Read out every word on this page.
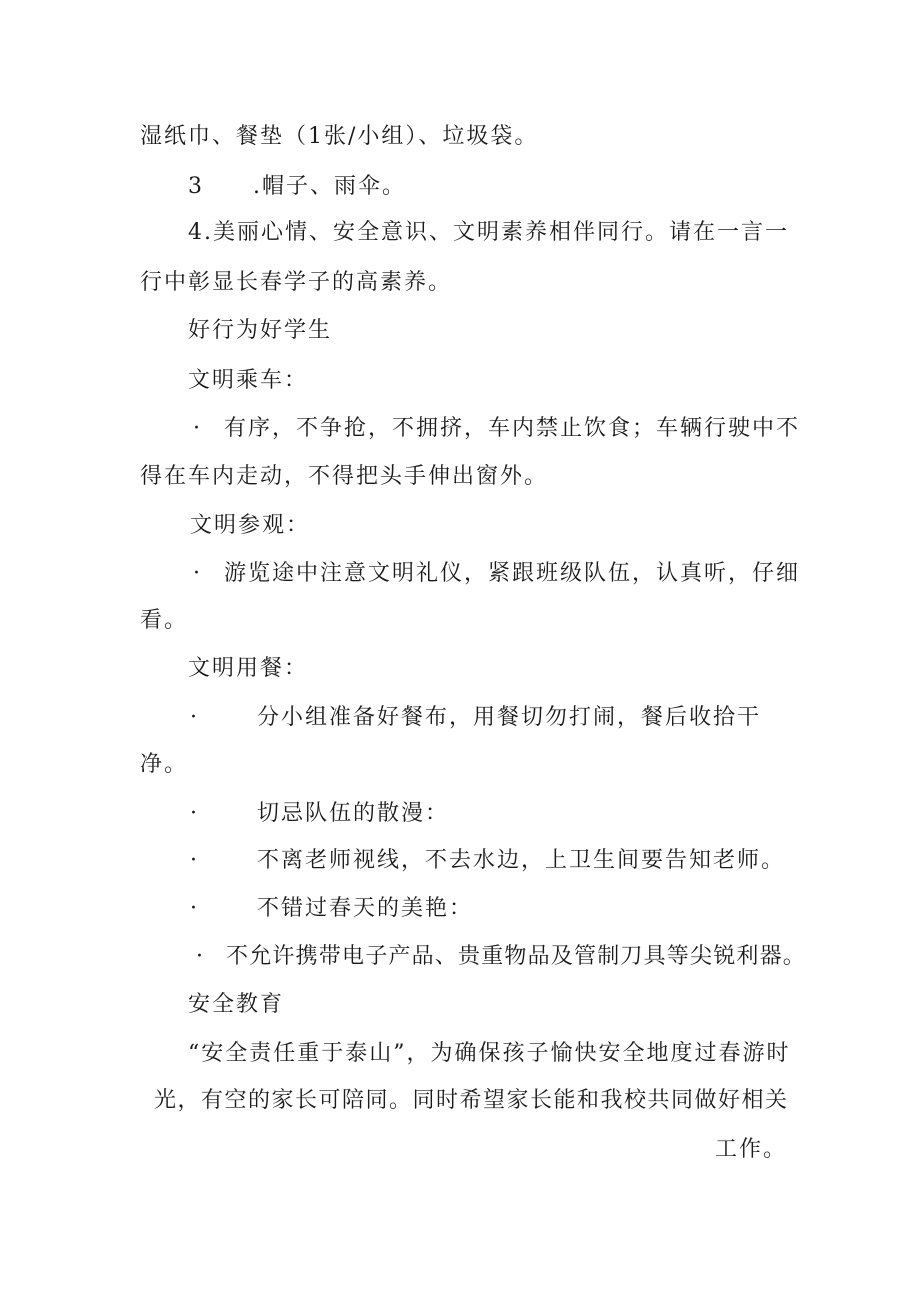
湿纸巾、餐垫（1张/小组）、垃圾袋。
3 .帽子、雨伞。
4.美丽心情、安全意识、文明素养相伴同行。请在一言一
行中彰显长春学子的高素养。
好行为好学生
文明乘车：
· 有序，不争抢，不拥挤，车内禁止饮食；车辆行驶中不
得在车内走动，不得把头手伸出窗外。
文明参观：
· 游览途中注意文明礼仪，紧跟班级队伍，认真听，仔细
看。
文明用餐：
·	分小组准备好餐布，用餐切勿打闹，餐后收拾干
净。
·	切忌队伍的散漫：
·	不离老师视线，不去水边，上卫生间要告知老师。
·	不错过春天的美艳：
· 不允许携带电子产品、贵重物品及管制刀具等尖锐利器。
安全教育
“安全责任重于泰山”，为确保孩子愉快安全地度过春游时
光，有空的家长可陪同。同时希望家长能和我校共同做好相关
工作。
